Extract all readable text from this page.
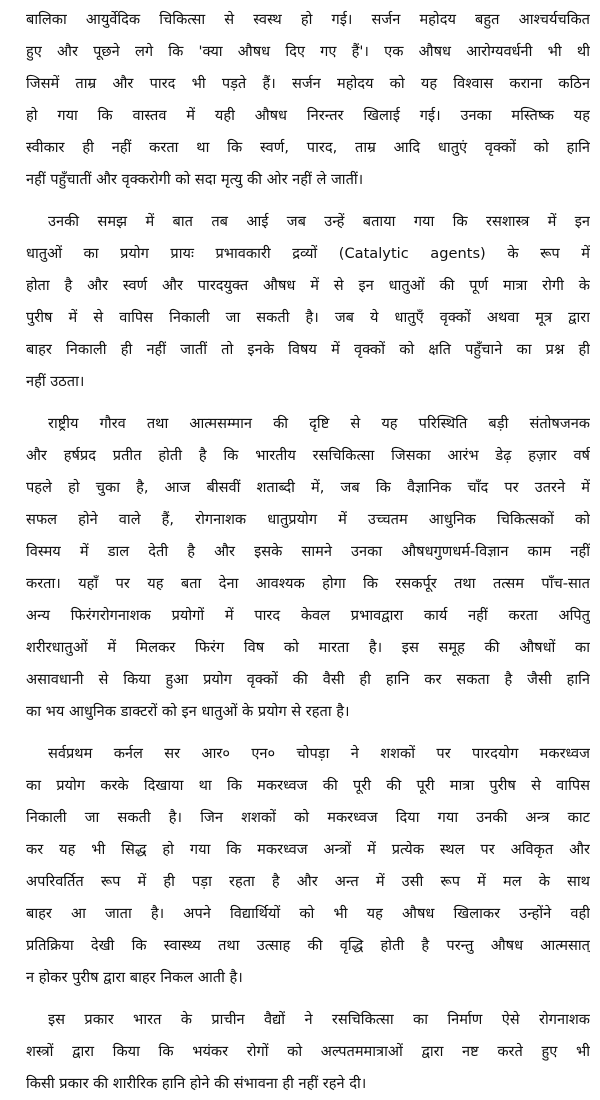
बालिका आयुर्वेदिक चिकित्सा से स्वस्थ हो गई। सर्जन महोदय बहुत आश्चर्यचकित
हुए और पूछने लगे कि 'क्या औषध दिए गए हैं'। एक औषध आरोग्यवर्धनी भी थी
जिसमें ताम्र और पारद भी पड़ते हैं। सर्जन महोदय को यह विश्वास कराना कठिन
हो गया कि वास्तव में यही औषध निरन्तर खिलाई गई। उनका मस्तिष्क यह
स्वीकार ही नहीं करता था कि स्वर्ण, पारद, ताम्र आदि धातुएं वृक्कों को हानि
नहीं पहुँचातीं और वृक्करोगी को सदा मृत्यु की ओर नहीं ले जातीं।
उनकी समझ में बात तब आई जब उन्हें बताया गया कि रसशास्त्र में इन
धातुओं का प्रयोग प्रायः प्रभावकारी द्रव्यों (Catalytic agents) के रूप में
होता है और स्वर्ण और पारदयुक्त औषध में से इन धातुओं की पूर्ण मात्रा रोगी के
पुरीष में से वापिस निकाली जा सकती है। जब ये धातुएँ वृक्कों अथवा मूत्र द्वारा
बाहर निकाली ही नहीं जातीं तो इनके विषय में वृक्कों को क्षति पहुँचाने का प्रश्न ही
नहीं उठता।
राष्ट्रीय गौरव तथा आत्मसम्मान की दृष्टि से यह परिस्थिति बड़ी संतोषजनक
और हर्षप्रद प्रतीत होती है कि भारतीय रसचिकित्सा जिसका आरंभ डेढ़ हज़ार वर्ष
पहले हो चुका है, आज बीसवीं शताब्दी में, जब कि वैज्ञानिक चाँद पर उतरने में
सफल होने वाले हैं, रोगनाशक धातुप्रयोग में उच्चतम आधुनिक चिकित्सकों को
विस्मय में डाल देती है और इसके सामने उनका औषधगुणधर्म-विज्ञान काम नहीं
करता। यहाँ पर यह बता देना आवश्यक होगा कि रसकर्पूर तथा तत्सम पाँच-सात
अन्य फिरंगरोगनाशक प्रयोगों में पारद केवल प्रभावद्वारा कार्य नहीं करता अपितु
शरीरधातुओं में मिलकर फिरंग विष को मारता है। इस समूह की औषधों का
असावधानी से किया हुआ प्रयोग वृक्कों की वैसी ही हानि कर सकता है जैसी हानि
का भय आधुनिक डाक्टरों को इन धातुओं के प्रयोग से रहता है।
सर्वप्रथम कर्नल सर आर० एन० चोपड़ा ने शशकों पर पारदयोग मकरध्वज
का प्रयोग करके दिखाया था कि मकरध्वज की पूरी की पूरी मात्रा पुरीष से वापिस
निकाली जा सकती है। जिन शशकों को मकरध्वज दिया गया उनकी अन्त्र काट
कर यह भी सिद्ध हो गया कि मकरध्वज अन्त्रों में प्रत्येक स्थल पर अविकृत और
अपरिवर्तित रूप में ही पड़ा रहता है और अन्त में उसी रूप में मल के साथ
बाहर आ जाता है। अपने विद्यार्थियों को भी यह औषध खिलाकर उन्होंने वही
प्रतिक्रिया देखी कि स्वास्थ्य तथा उत्साह की वृद्धि होती है परन्तु औषध आत्मसात्
न होकर पुरीष द्वारा बाहर निकल आती है।
इस प्रकार भारत के प्राचीन वैद्यों ने रसचिकित्सा का निर्माण ऐसे रोगनाशक
शस्त्रों द्वारा किया कि भयंकर रोगों को अल्पतममात्राओं द्वारा नष्ट करते हुए भी
किसी प्रकार की शारीरिक हानि होने की संभावना ही नहीं रहने दी।
